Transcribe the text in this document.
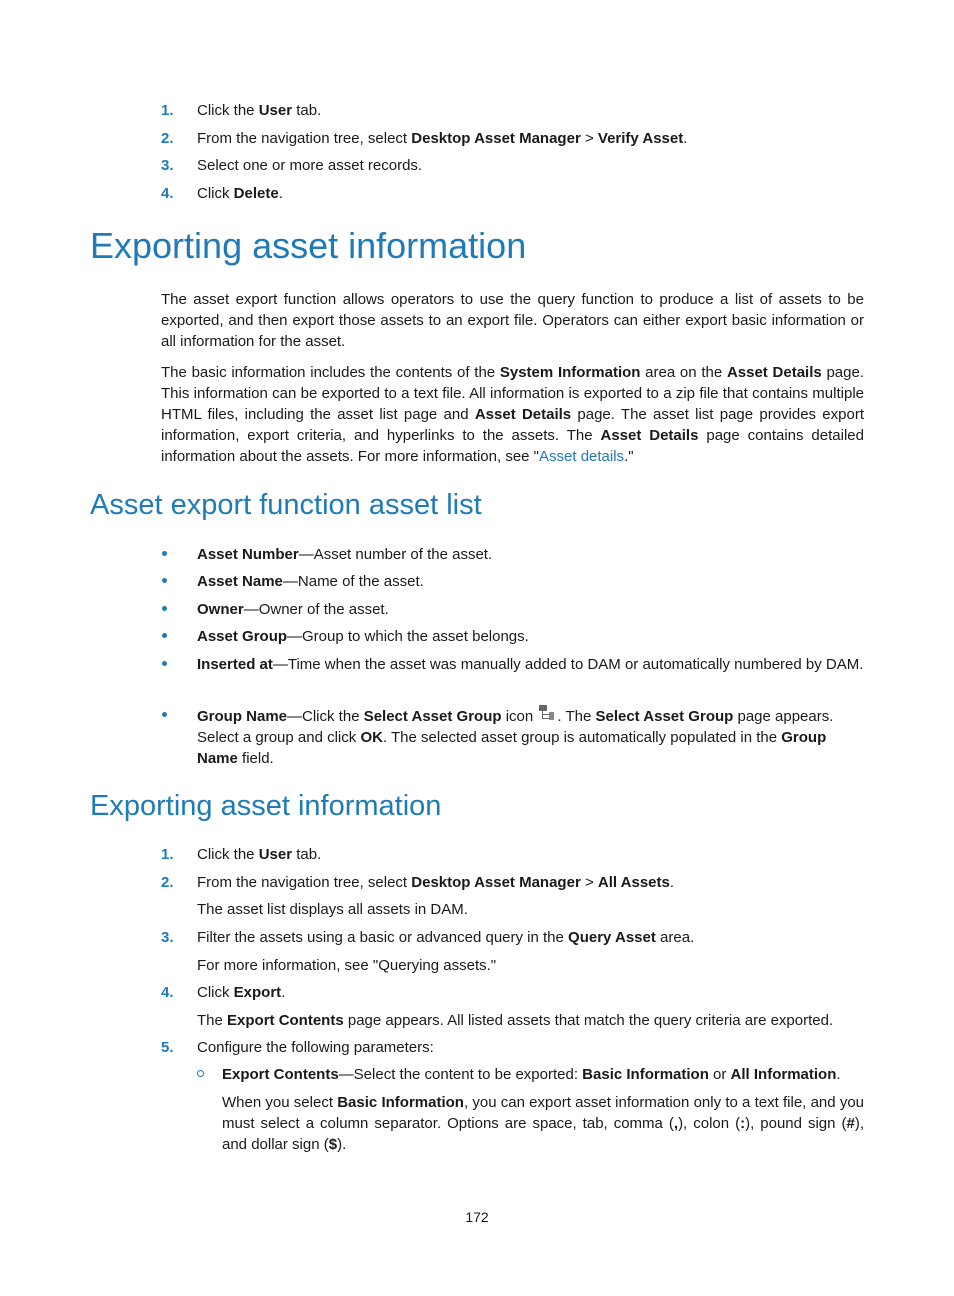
1. Click the User tab.
2. From the navigation tree, select Desktop Asset Manager > Verify Asset.
3. Select one or more asset records.
4. Click Delete.
Exporting asset information

The asset export function allows operators to use the query function to produce a list of assets to be exported, and then export those assets to an export file. Operators can either export basic information or all information for the asset.

The basic information includes the contents of the System Information area on the Asset Details page. This information can be exported to a text file. All information is exported to a zip file that contains multiple HTML files, including the asset list page and Asset Details page. The asset list page provides export information, export criteria, and hyperlinks to the assets. The Asset Details page contains detailed information about the assets. For more information, see "Asset details."

Asset export function asset list
Asset Number—Asset number of the asset.
Asset Name—Name of the asset.
Owner—Owner of the asset.
Asset Group—Group to which the asset belongs.
Inserted at—Time when the asset was manually added to DAM or automatically numbered by DAM.
Group Name—Click the Select Asset Group icon
. The Select Asset Group page appears. Select a group and click OK. The selected asset group is automatically populated in the Group Name field.
Exporting asset information
1. Click the User tab.
2. From the navigation tree, select Desktop Asset Manager > All Assets.
The asset list displays all assets in DAM.
3. Filter the assets using a basic or advanced query in the Query Asset area.
For more information, see "Querying assets."
4. Click Export.
The Export Contents page appears. All listed assets that match the query criteria are exported.
5. Configure the following parameters:
Export Contents—Select the content to be exported: Basic Information or All Information.
When you select Basic Information, you can export asset information only to a text file, and you must select a column separator. Options are space, tab, comma (,), colon (:), pound sign (#), and dollar sign ($).
172
